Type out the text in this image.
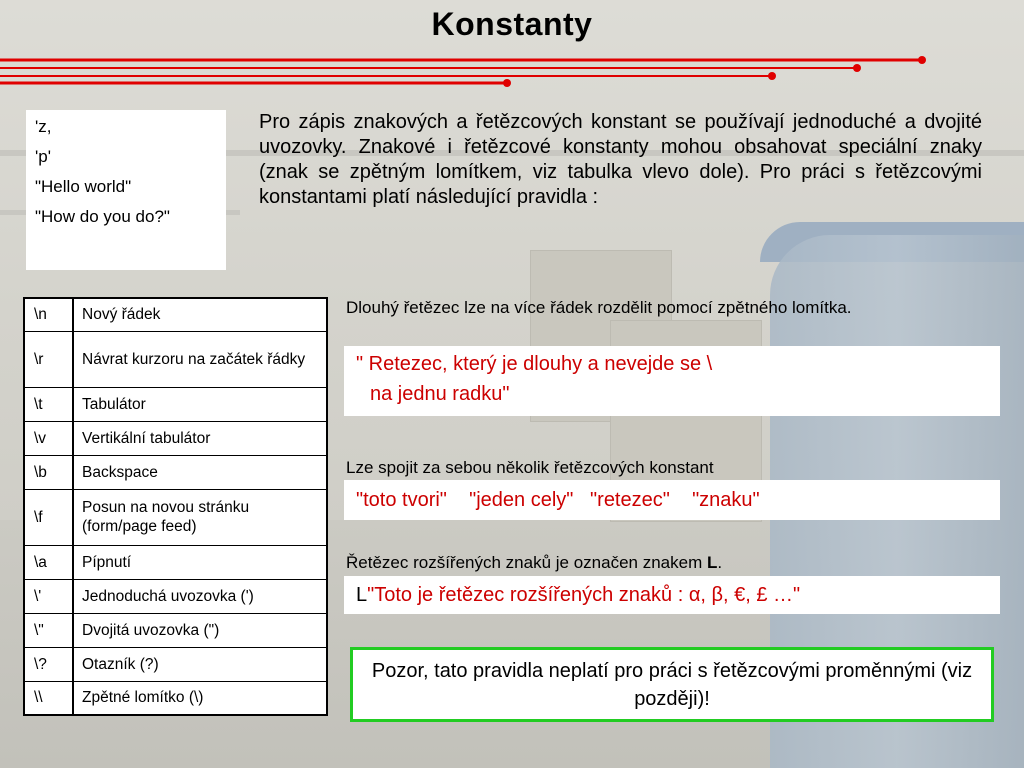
Konstanty
'z,
'p'
"Hello world"
"How do you do?"
Pro zápis znakových a řetězcových konstant se používají jednoduché a dvojité uvozovky. Znakové i řetězcové konstanty mohou obsahovat speciální znaky (znak se zpětným lomítkem, viz tabulka vlevo dole). Pro práci s řetězcovými konstantami platí následující pravidla :
\n	Nový řádek
\r	Návrat kurzoru na začátek řádky
\t	Tabulátor
\v	Vertikální tabulátor
\b	Backspace
\f	Posun na novou stránku (form/page feed)
\a	Pípnutí
\'	Jednoduchá uvozovka (')
\"	Dvojitá uvozovka (")
\?	Otazník (?)
\\	Zpětné lomítko (\)
Dlouhý řetězec lze na více řádek rozdělit pomocí zpětného lomítka.
" Retezec, který je dlouhy a nevejde se \
na jednu radku"
Lze spojit za sebou několik řetězcových konstant
"toto tvori"    "jeden cely"   "retezec"    "znaku"
Řetězec rozšířených znaků je označen znakem L.
L"Toto je řetězec rozšířených znaků : α, β, €, £ …"
Pozor, tato pravidla neplatí pro práci s řetězcovými proměnnými (viz později)!
